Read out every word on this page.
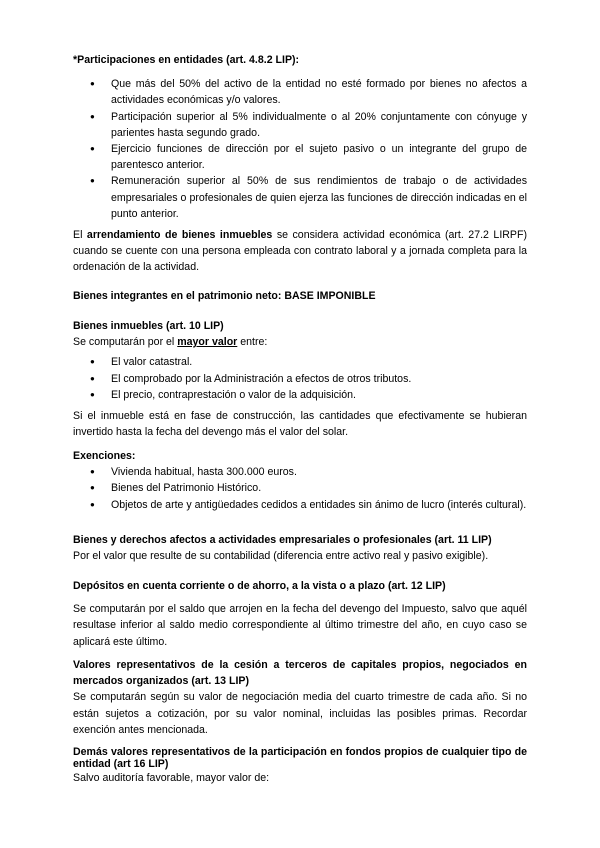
*Participaciones en entidades (art. 4.8.2 LIP):

● Que más del 50% del activo de la entidad no esté formado por bienes no afectos a actividades económicas y/o valores.
● Participación superior al 5% individualmente o al 20% conjuntamente con cónyuge y parientes hasta segundo grado.
● Ejercicio funciones de dirección por el sujeto pasivo o un integrante del grupo de parentesco anterior.
● Remuneración superior al 50% de sus rendimientos de trabajo o de actividades empresariales o profesionales de quien ejerza las funciones de dirección indicadas en el punto anterior.
El arrendamiento de bienes inmuebles se considera actividad económica (art. 27.2 LIRPF) cuando se cuente con una persona empleada con contrato laboral y a jornada completa para la ordenación de la actividad.
Bienes integrantes en el patrimonio neto: BASE IMPONIBLE

Bienes inmuebles (art. 10 LIP)

Se computarán por el mayor valor entre:

● El valor catastral.
● El comprobado por la Administración a efectos de otros tributos.
● El precio, contraprestación o valor de la adquisición.
Si el inmueble está en fase de construcción, las cantidades que efectivamente se hubieran invertido hasta la fecha del devengo más el valor del solar.

Exenciones:

● Vivienda habitual, hasta 300.000 euros.
● Bienes del Patrimonio Histórico.
● Objetos de arte y antigüedades cedidos a entidades sin ánimo de lucro (interés cultural).

Bienes y derechos afectos a actividades empresariales o profesionales (art. 11 LIP)

Por el valor que resulte de su contabilidad (diferencia entre activo real y pasivo exigible).

Depósitos en cuenta corriente o de ahorro, a la vista o a plazo (art. 12 LIP)

Se computarán por el saldo que arrojen en la fecha del devengo del Impuesto, salvo que aquél resultase inferior al saldo medio correspondiente al último trimestre del año, en cuyo caso se aplicará este último.

Valores representativos de la cesión a terceros de capitales propios, negociados en mercados organizados (art. 13 LIP)

Se computarán según su valor de negociación media del cuarto trimestre de cada año. Si no están sujetos a cotización, por su valor nominal, incluidas las posibles primas. Recordar exención antes mencionada.

Demás valores representativos de la participación en fondos propios de cualquier tipo de entidad (art 16 LIP)

Salvo auditoría favorable, mayor valor de:
